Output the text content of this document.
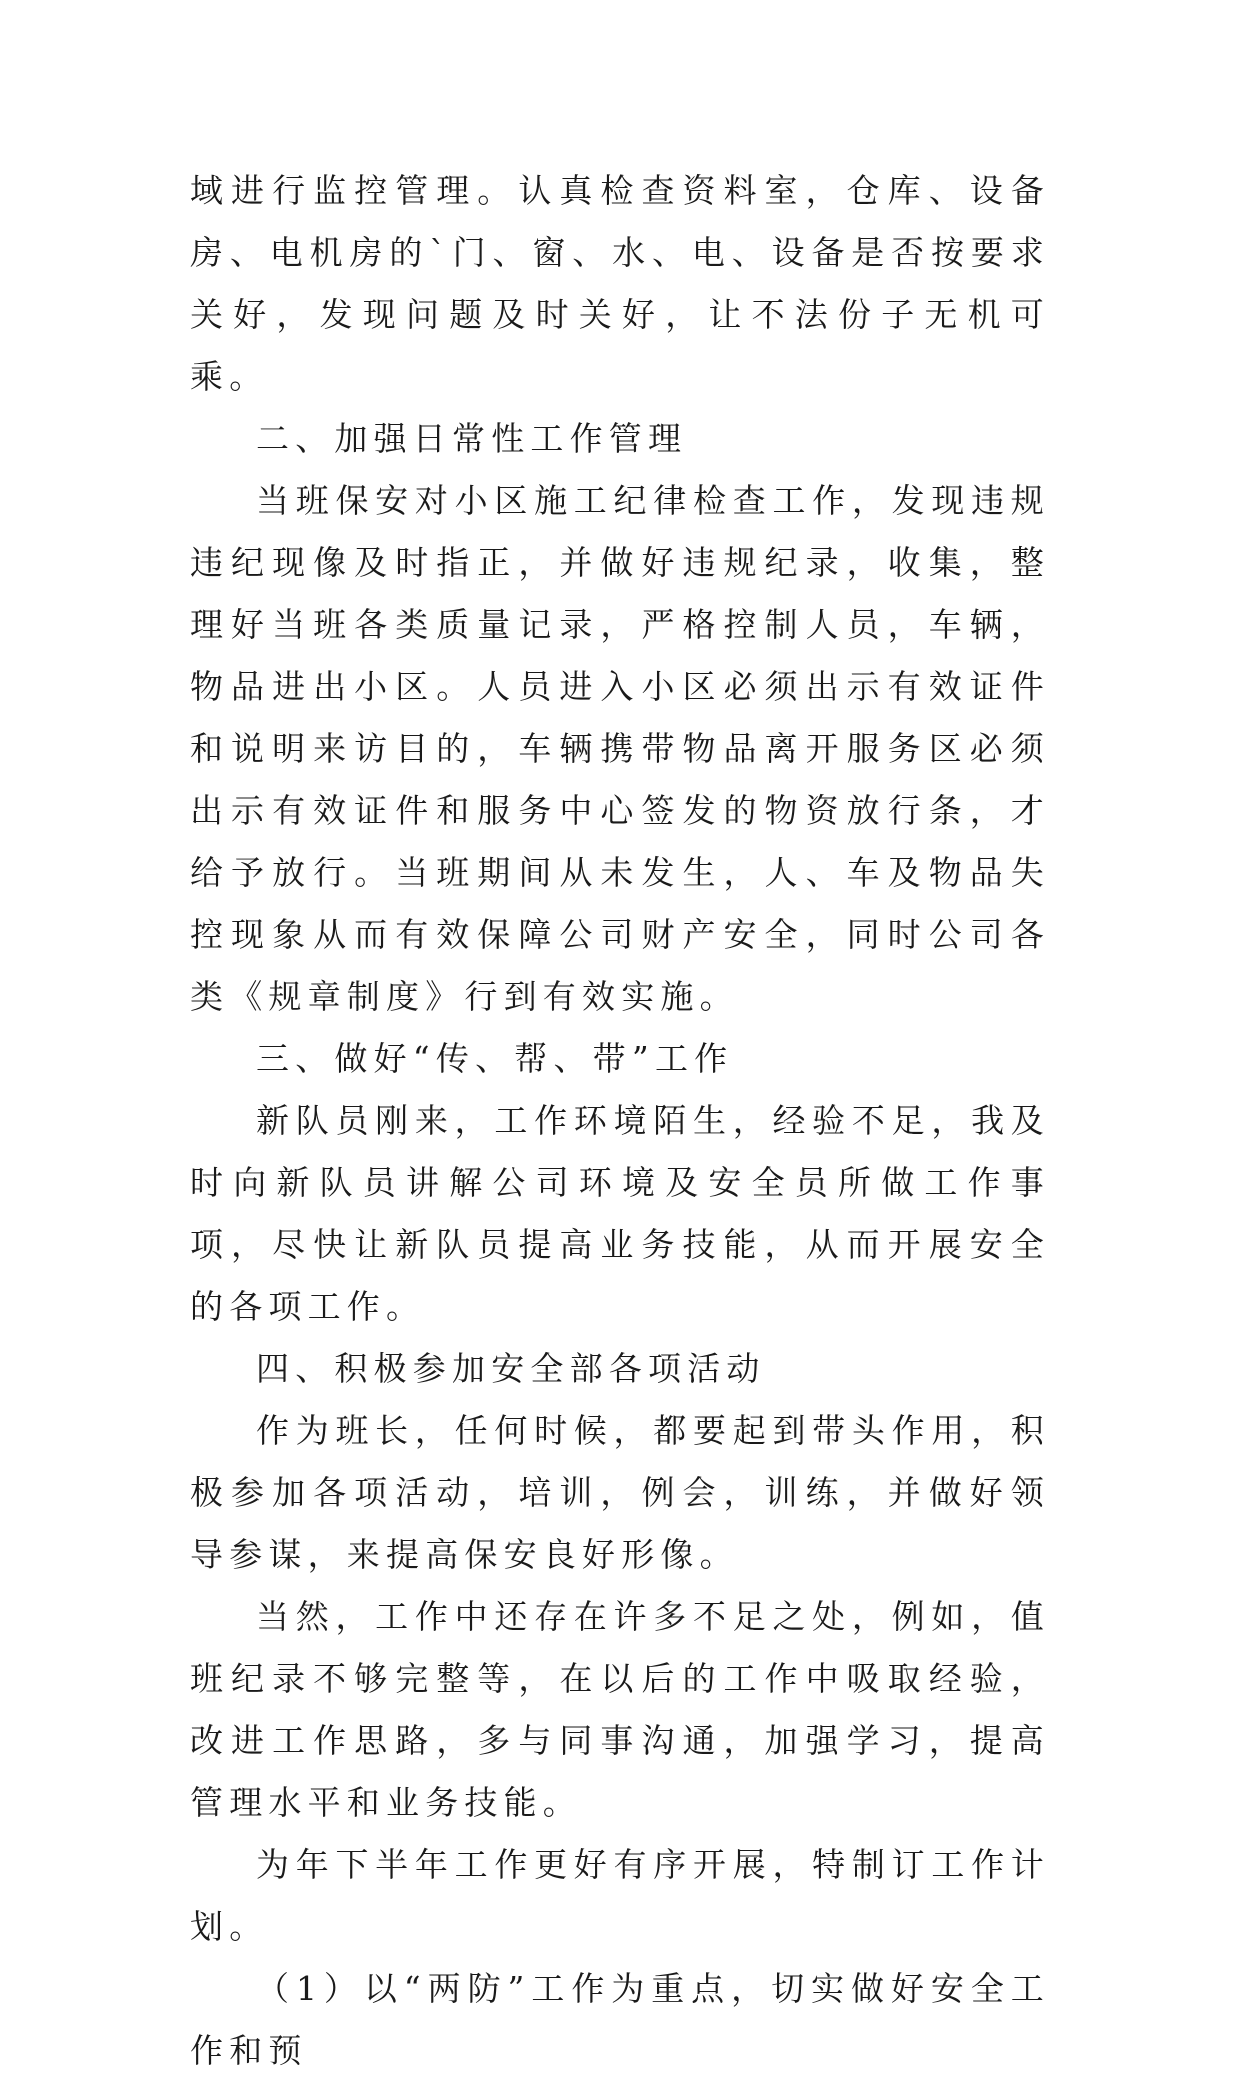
域进行监控管理。认真检查资料室，仓库、设备房、电机房的`门、窗、水、电、设备是否按要求关好，发现问题及时关好，让不法份子无机可乘。

二、加强日常性工作管理

当班保安对小区施工纪律检查工作，发现违规违纪现像及时指正，并做好违规纪录，收集，整理好当班各类质量记录，严格控制人员，车辆，物品进出小区。人员进入小区必须出示有效证件和说明来访目的，车辆携带物品离开服务区必须出示有效证件和服务中心签发的物资放行条，才给予放行。当班期间从未发生，人、车及物品失控现象从而有效保障公司财产安全，同时公司各类《规章制度》行到有效实施。

三、做好“传、帮、带”工作

新队员刚来，工作环境陌生，经验不足，我及时向新队员讲解公司环境及安全员所做工作事项，尽快让新队员提高业务技能，从而开展安全的各项工作。

四、积极参加安全部各项活动

作为班长，任何时候，都要起到带头作用，积极参加各项活动，培训，例会，训练，并做好领导参谋，来提高保安良好形像。

当然，工作中还存在许多不足之处，例如，值班纪录不够完整等，在以后的工作中吸取经验，改进工作思路，多与同事沟通，加强学习，提高管理水平和业务技能。

为年下半年工作更好有序开展，特制订工作计划。

（1）以“两防”工作为重点，切实做好安全工作和预
